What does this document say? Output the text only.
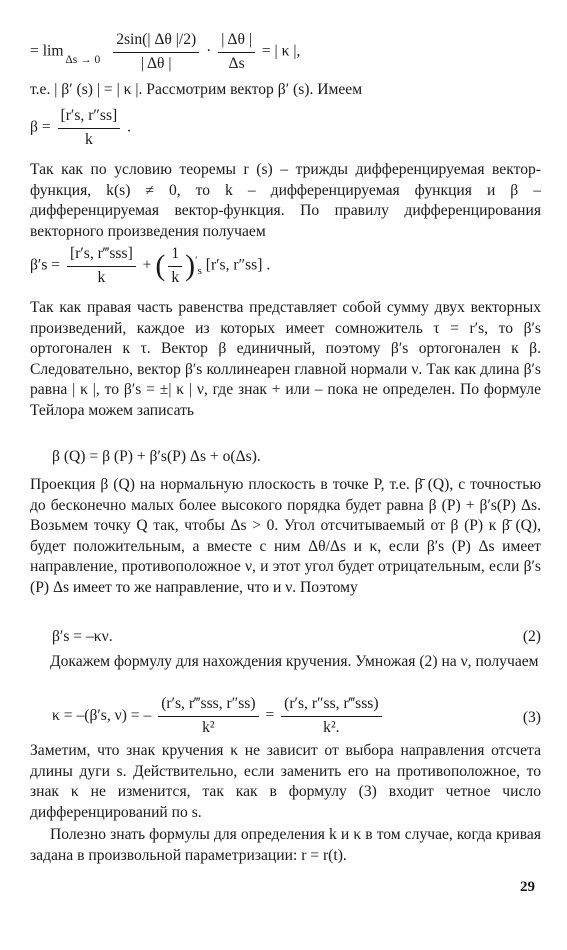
= lim
Δs → 0
$\frac{2\sin(| \Delta\theta |/2)}{| \Delta\theta |} \cdot \frac{| \Delta\theta |}{\Delta s}$ = | κ |,

т.е. | β′ (s) | = | κ |. Рассмотрим вектор β′ (s). Имеем

$\beta = \frac{[r's, r''ss]}{k}$ .

Так как по условию теоремы r (s) – трижды дифференцируемая вектор-функция, k(s) ≠ 0, то k – дифференцируемая функция и β – дифференцируемая вектор-функция. По правилу дифференцирования векторного произведения получаем

$\beta's = \frac{\text{[r′s, r‴sss]}}{k}$ + ( $\frac{1}{k} )'_s$ [r′s, r″ss] .

Так как правая часть равенства представляет собой сумму двух векторных произведений, каждое из которых имеет сомножитель τ = r′s, то β′s ортогонален к τ. Вектор β единичный, поэтому β′s ортогонален к β. Следовательно, вектор β′s коллинеарен главной нормали ν. Так как длина β′s равна | κ |, то β′s = ±| κ | ν, где знак + или – пока не определен. По формуле Тейлора можем записать

β (Q) = β (P) + β′s(P) Δs + o(Δs).

Проекция β (Q) на нормальную плоскость в точке P, т.е. β̄ (Q), с точностью до бесконечно малых более высокого порядка будет равна β (P) + β′s(P) Δs. Возьмем точку Q так, чтобы Δs > 0. Угол отсчитываемый от β (P) к β̄ (Q), будет положительным, а вместе с ним Δθ/Δs и κ, если β′s (P) Δs имеет направление, противоположное ν, и этот угол будет отрицательным, если β′s (P) Δs имеет то же направление, что и ν. Поэтому

β′s = –κν.	(2)

Докажем формулу для нахождения кручения. Умножая (2) на ν, получаем

κ = –(β′s, ν) = – $\frac{\text{(r′s, r‴sss, r″ss)}}{\text{k²}} = \frac{\text{(r′s, r″ss, r‴sss)}}{\text{k².}}$	(3)

Заметим, что знак кручения κ не зависит от выбора направления отсчета длины дуги s. Действительно, если заменить его на противоположное, то знак κ не изменится, так как в формулу (3) входит четное число дифференцирований по s.

Полезно знать формулы для определения k и κ в том случае, когда кривая задана в произвольной параметризации: r = r(t).

29
